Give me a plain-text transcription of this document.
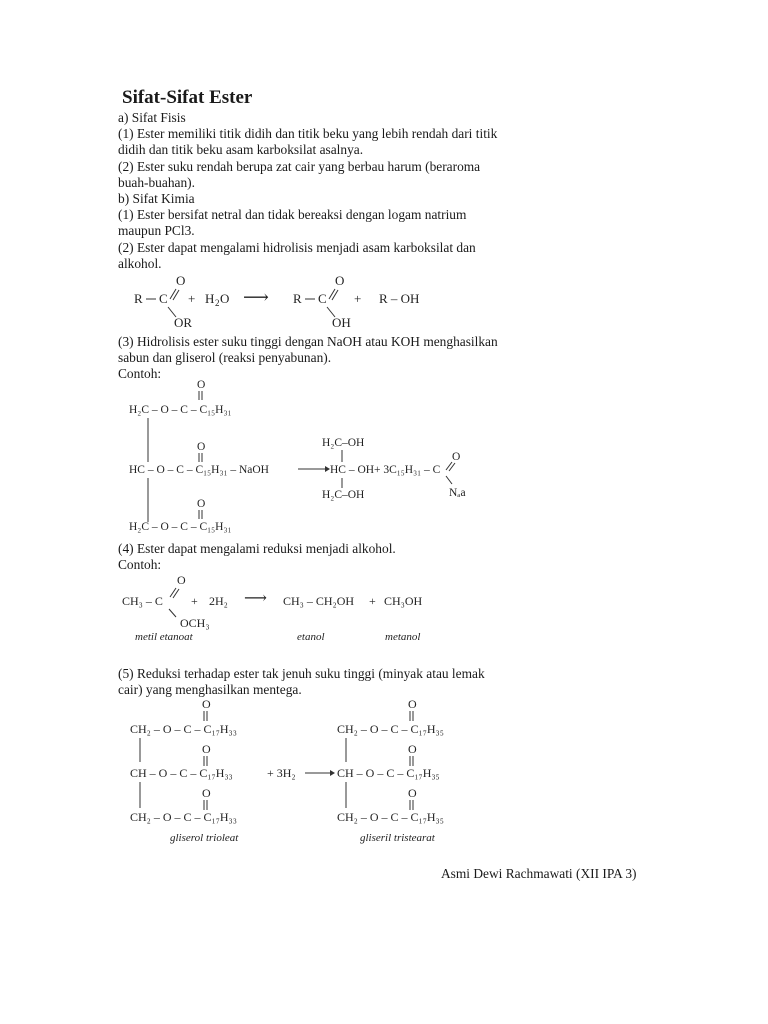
Sifat-Sifat Ester
a) Sifat Fisis
(1) Ester memiliki titik didih dan titik beku yang lebih rendah dari titik
didih dan titik beku asam karboksilat asalnya.
(2) Ester suku rendah berupa zat cair yang berbau harum (beraroma
buah-buahan).
b) Sifat Kimia
(1) Ester bersifat netral dan tidak bereaksi dengan logam natrium
maupun PCl3.
(2) Ester dapat mengalami hidrolisis menjadi asam karboksilat dan
alkohol.
O
R C
OR
+ H 2 O ⟶
O
R C
OH
+ R – OH
O
H₂C – O – C – C₁₅H₃₁
O
HC – O – C – C₁₅H₃₁ – NaOH
O
H₂C – O – C – C₁₅H₃₁
H₂C–OH
HC – OH
H₂C–OH
+ 3C₁₅H₃₁ – C
O
Nₐa
O
CH₃ – C
OCH₃
+ 2H₂ ⟶ CH₃ – CH₂OH + CH₃OH
metil etanoat	etanol	metanol
O
CH₂ – O – C – C₁₇H₃₃
O
CH – O – C – C₁₇H₃₃
O
CH₂ – O – C – C₁₇H₃₃
+ 3H₂
O
CH₂ – O – C – C₁₇H₃₅
O
CH – O – C – C₁₇H₃₅
O
CH₂ – O – C – C₁₇H₃₅
gliserol trioleat	gliseril tristearat
(3) Hidrolisis ester suku tinggi dengan NaOH atau KOH menghasilkan
sabun dan gliserol (reaksi penyabunan).
Contoh:
(4) Ester dapat mengalami reduksi menjadi alkohol.
Contoh:
(5) Reduksi terhadap ester tak jenuh suku tinggi (minyak atau lemak
cair) yang menghasilkan mentega.
Asmi Dewi Rachmawati (XII IPA 3)
